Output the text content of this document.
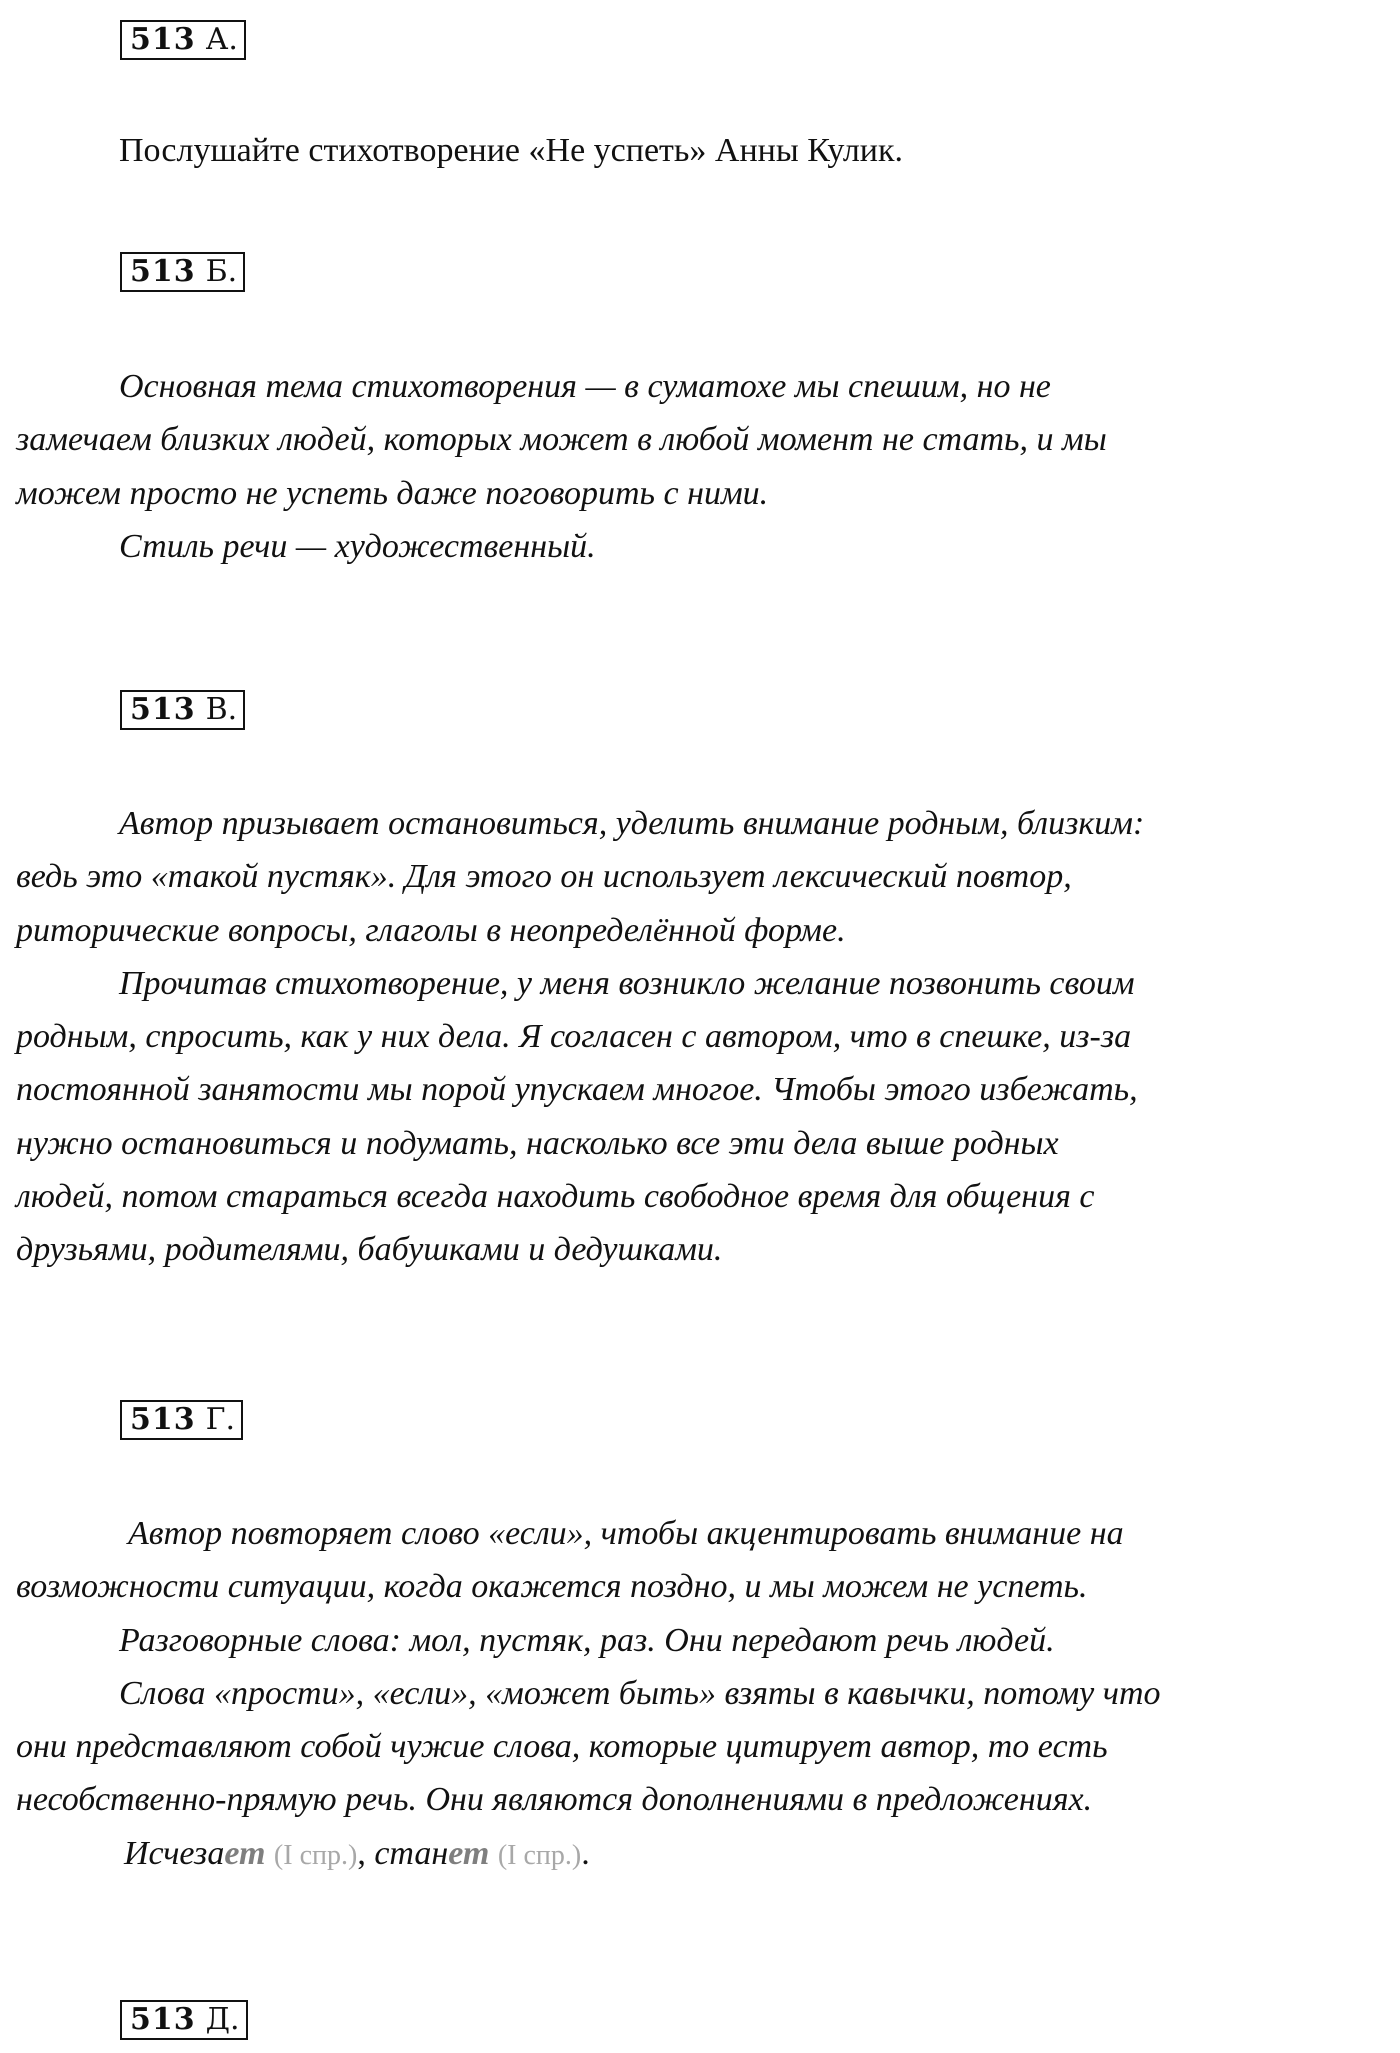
513 А.

Послушайте стихотворение «Не успеть» Анны Кулик.

513 Б.

Основная тема стихотворения — в суматохе мы спешим, но не
замечаем близких людей, которых может в любой момент не стать, и мы
можем просто не успеть даже поговорить с ними.
Стиль речи — художественный.

513 В.

Автор призывает остановиться, уделить внимание родным, близким:
ведь это «такой пустяк». Для этого он использует лексический повтор,
риторические вопросы, глаголы в неопределённой форме.
Прочитав стихотворение, у меня возникло желание позвонить своим
родным, спросить, как у них дела. Я согласен с автором, что в спешке, из-за
постоянной занятости мы порой упускаем многое. Чтобы этого избежать,
нужно остановиться и подумать, насколько все эти дела выше родных
людей, потом стараться всегда находить свободное время для общения с
друзьями, родителями, бабушками и дедушками.

513 Г.

Автор повторяет слово «если», чтобы акцентировать внимание на
возможности ситуации, когда окажется поздно, и мы можем не успеть.
Разговорные слова: мол, пустяк, раз. Они передают речь людей.
Слова «прости», «если», «может быть» взяты в кавычки, потому что
они представляют собой чужие слова, которые цитирует автор, то есть
несобственно-прямую речь. Они являются дополнениями в предложениях.
Исчезает (I спр.), станет (I спр.).

513 Д.
